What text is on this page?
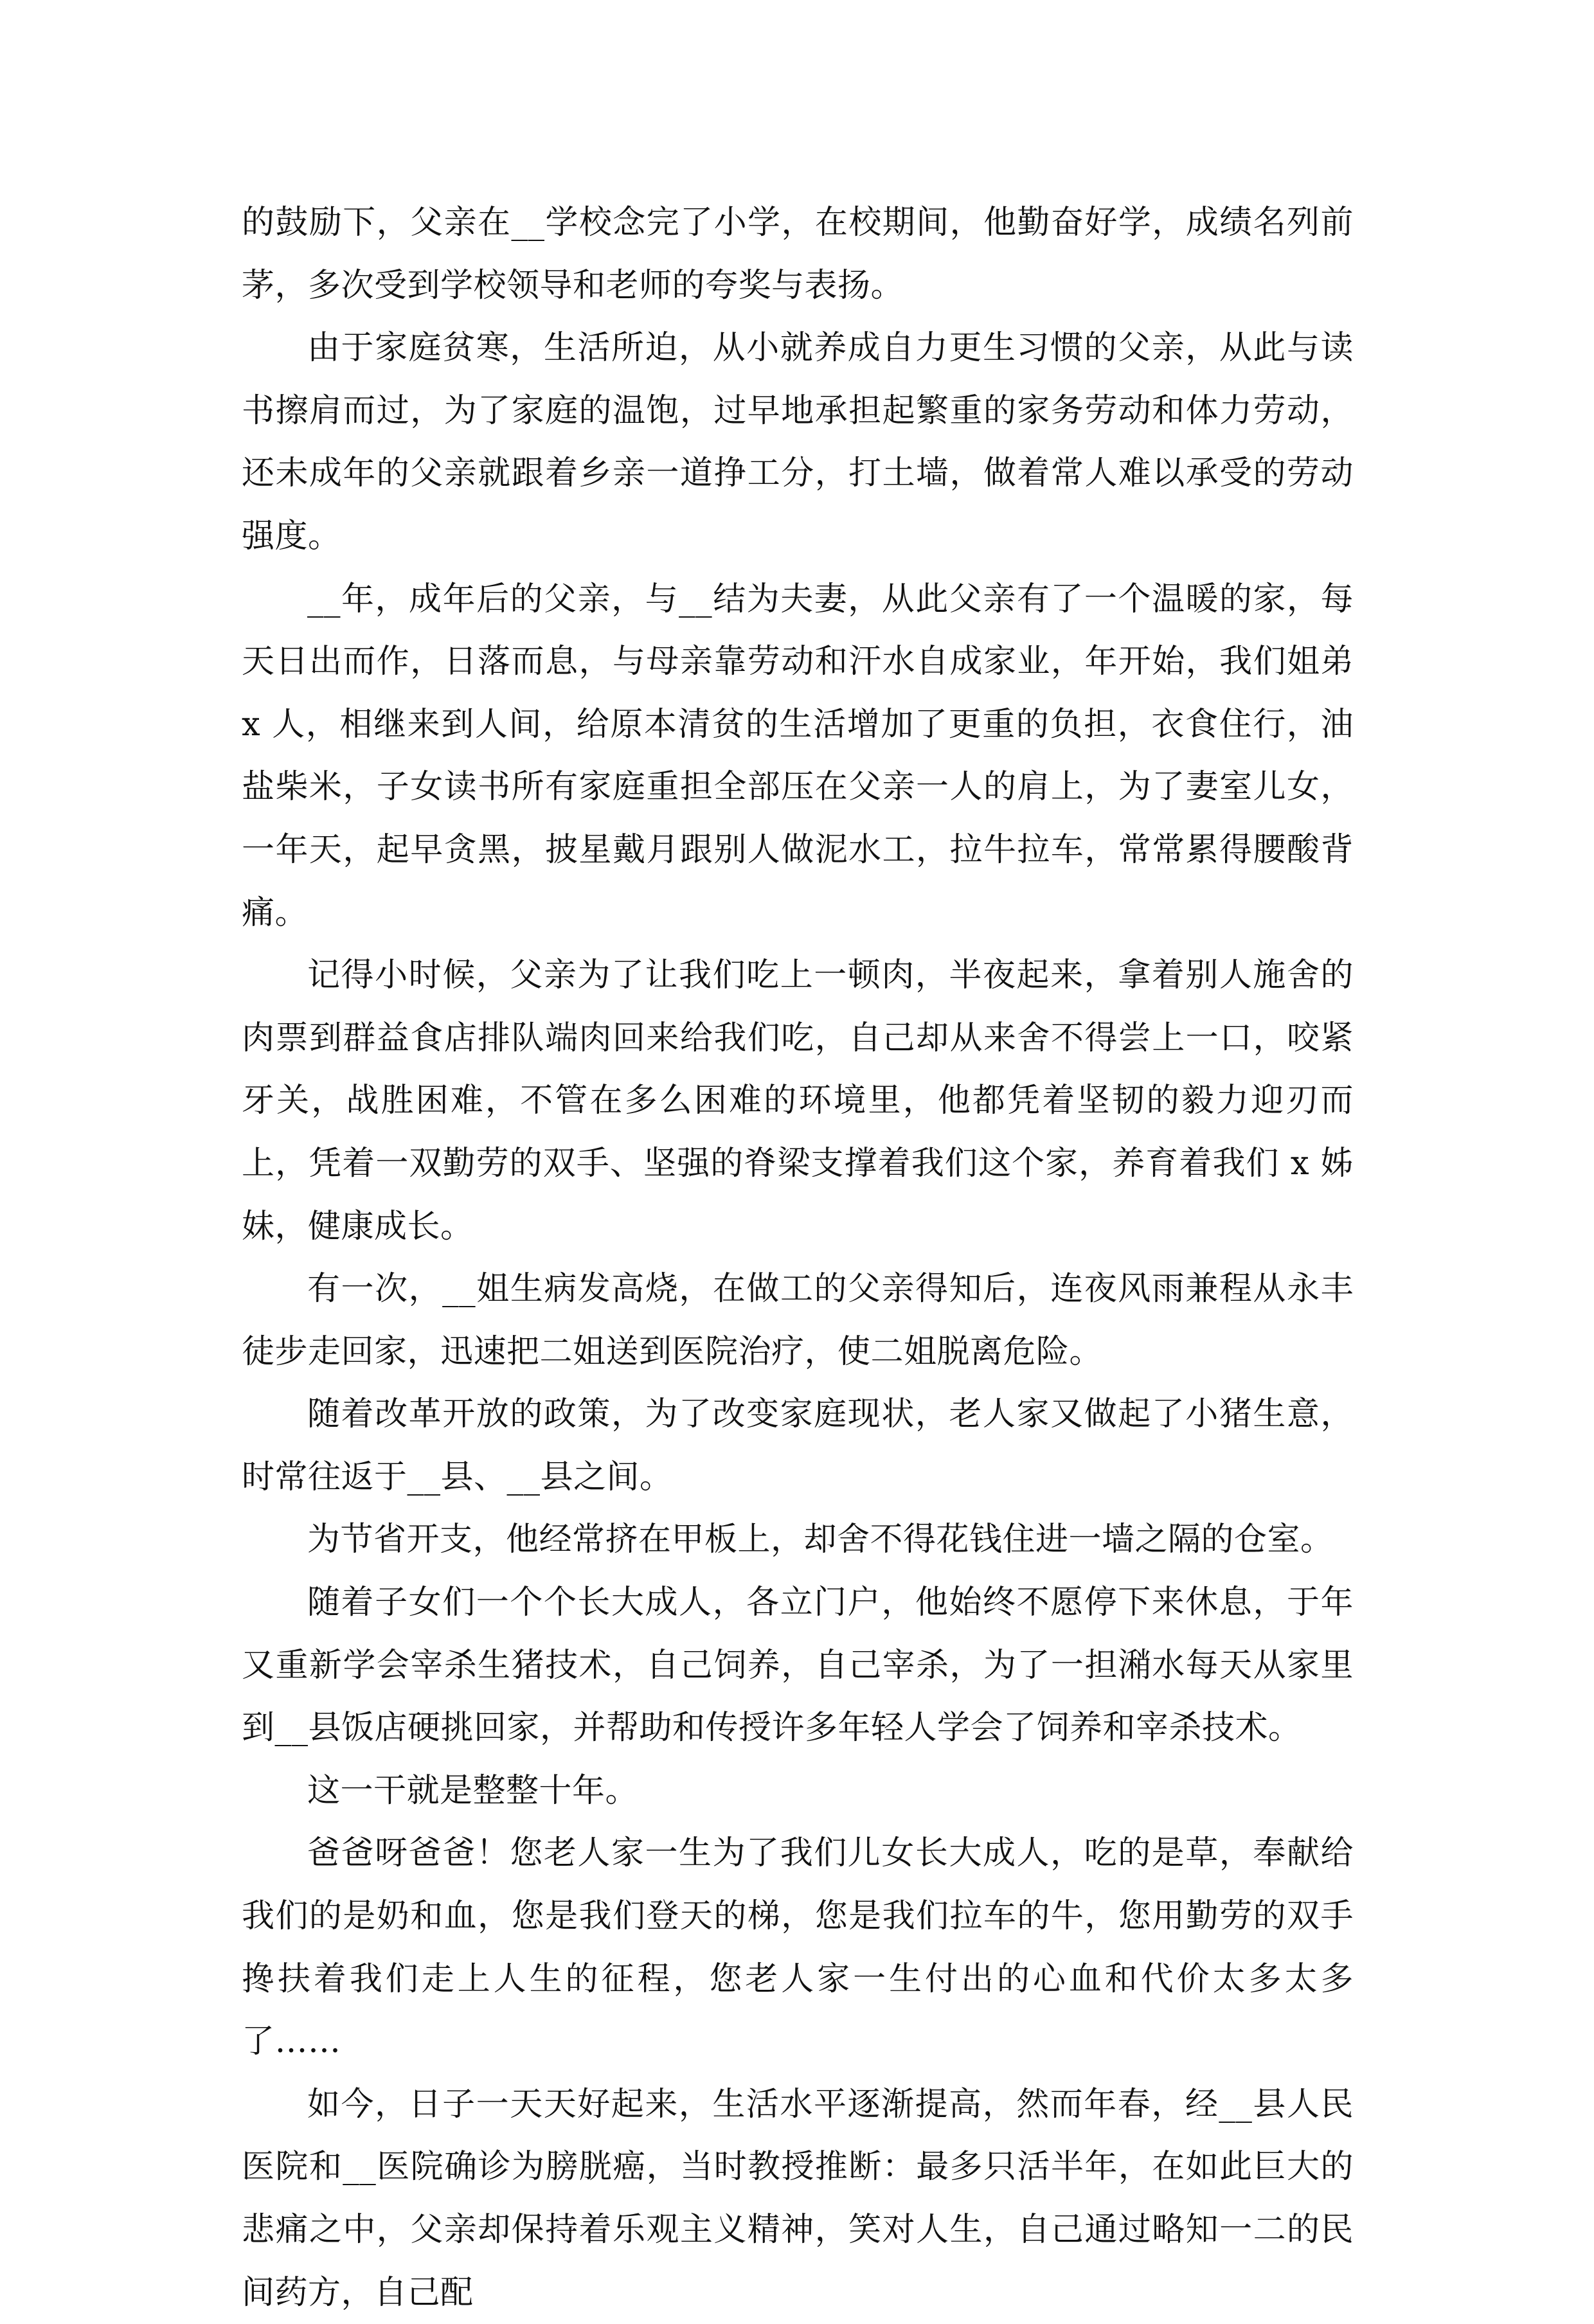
的鼓励下，父亲在__学校念完了小学，在校期间，他勤奋好学，成绩名列前茅，多次受到学校领导和老师的夸奖与表扬。

由于家庭贫寒，生活所迫，从小就养成自力更生习惯的父亲，从此与读书擦肩而过，为了家庭的温饱，过早地承担起繁重的家务劳动和体力劳动，还未成年的父亲就跟着乡亲一道挣工分，打土墙，做着常人难以承受的劳动强度。

__年，成年后的父亲，与__结为夫妻，从此父亲有了一个温暖的家，每天日出而作，日落而息，与母亲靠劳动和汗水自成家业，年开始，我们姐弟 x 人，相继来到人间，给原本清贫的生活增加了更重的负担，衣食住行，油盐柴米，子女读书所有家庭重担全部压在父亲一人的肩上，为了妻室儿女，一年天，起早贪黑，披星戴月跟别人做泥水工，拉牛拉车，常常累得腰酸背痛。

记得小时候，父亲为了让我们吃上一顿肉，半夜起来，拿着别人施舍的肉票到群益食店排队端肉回来给我们吃，自己却从来舍不得尝上一口，咬紧牙关，战胜困难，不管在多么困难的环境里，他都凭着坚韧的毅力迎刃而上，凭着一双勤劳的双手、坚强的脊梁支撑着我们这个家，养育着我们 x 姊妹，健康成长。

有一次，__姐生病发高烧，在做工的父亲得知后，连夜风雨兼程从永丰徒步走回家，迅速把二姐送到医院治疗，使二姐脱离危险。

随着改革开放的政策，为了改变家庭现状，老人家又做起了小猪生意，时常往返于__县、__县之间。

为节省开支，他经常挤在甲板上，却舍不得花钱住进一墙之隔的仓室。

随着子女们一个个长大成人，各立门户，他始终不愿停下来休息，于年又重新学会宰杀生猪技术，自己饲养，自己宰杀，为了一担潲水每天从家里到__县饭店硬挑回家，并帮助和传授许多年轻人学会了饲养和宰杀技术。

这一干就是整整十年。

爸爸呀爸爸！您老人家一生为了我们儿女长大成人，吃的是草，奉献给我们的是奶和血，您是我们登天的梯，您是我们拉车的牛，您用勤劳的双手搀扶着我们走上人生的征程，您老人家一生付出的心血和代价太多太多了……

如今，日子一天天好起来，生活水平逐渐提高，然而年春，经__县人民医院和__医院确诊为膀胱癌，当时教授推断：最多只活半年，在如此巨大的悲痛之中，父亲却保持着乐观主义精神，笑对人生，自己通过略知一二的民间药方，自己配
